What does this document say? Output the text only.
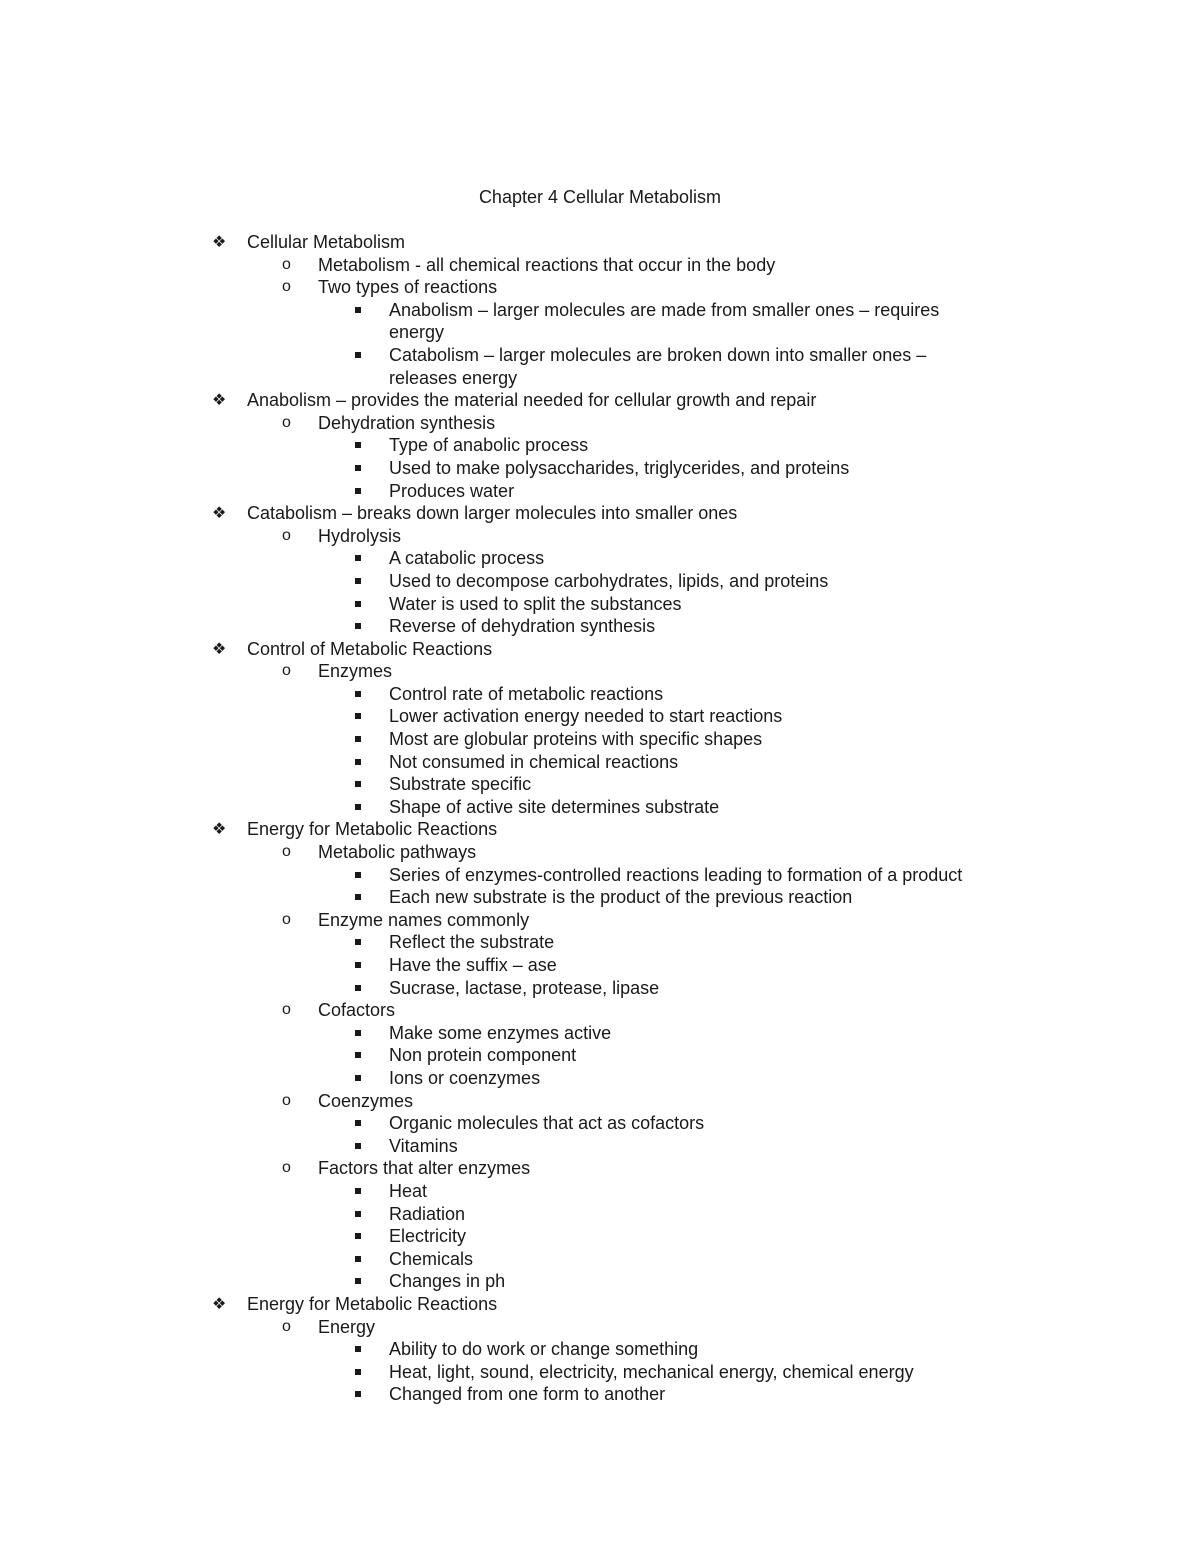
Chapter 4 Cellular Metabolism
❖ Cellular Metabolism
o Metabolism - all chemical reactions that occur in the body
o Two types of reactions
Anabolism – larger molecules are made from smaller ones – requires energy
Catabolism – larger molecules are broken down into smaller ones – releases energy
❖ Anabolism – provides the material needed for cellular growth and repair
o Dehydration synthesis
Type of anabolic process
Used to make polysaccharides, triglycerides, and proteins
Produces water
❖ Catabolism – breaks down larger molecules into smaller ones
o Hydrolysis
A catabolic process
Used to decompose carbohydrates, lipids, and proteins
Water is used to split the substances
Reverse of dehydration synthesis
❖ Control of Metabolic Reactions
o Enzymes
Control rate of metabolic reactions
Lower activation energy needed to start reactions
Most are globular proteins with specific shapes
Not consumed in chemical reactions
Substrate specific
Shape of active site determines substrate
❖ Energy for Metabolic Reactions
o Metabolic pathways
Series of enzymes-controlled reactions leading to formation of a product
Each new substrate is the product of the previous reaction
o Enzyme names commonly
Reflect the substrate
Have the suffix – ase
Sucrase, lactase, protease, lipase
o Cofactors
Make some enzymes active
Non protein component
Ions or coenzymes
o Coenzymes
Organic molecules that act as cofactors
Vitamins
o Factors that alter enzymes
Heat
Radiation
Electricity
Chemicals
Changes in ph
❖ Energy for Metabolic Reactions
o Energy
Ability to do work or change something
Heat, light, sound, electricity, mechanical energy, chemical energy
Changed from one form to another
